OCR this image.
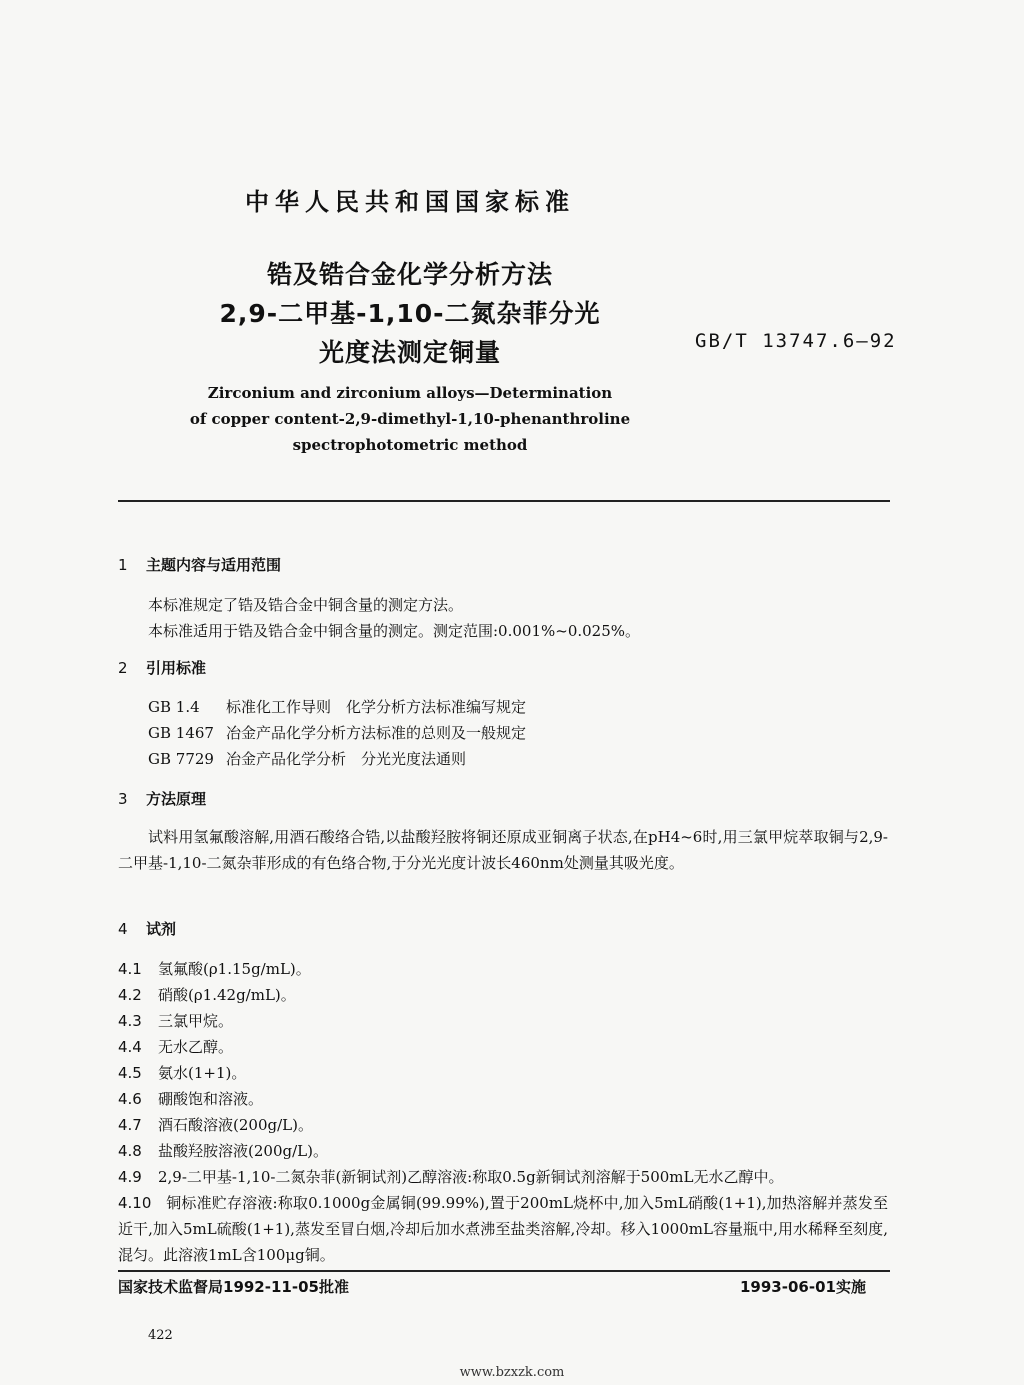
中华人民共和国国家标准
锆及锆合金化学分析方法
2,9-二甲基-1,10-二氮杂菲分光
光度法测定铜量	GB/T 13747.6—92
Zirconium and zirconium alloys—Determination
of copper content-2,9-dimethyl-1,10-phenanthroline
spectrophotometric method
1 主题内容与适用范围
本标准规定了锆及锆合金中铜含量的测定方法。
本标准适用于锆及锆合金中铜含量的测定。测定范围:0.001%~0.025%。
2 引用标准
GB 1.4 标准化工作导则　化学分析方法标准编写规定
GB 1467 冶金产品化学分析方法标准的总则及一般规定
GB 7729 冶金产品化学分析　分光光度法通则
3 方法原理
试料用氢氟酸溶解,用酒石酸络合锆,以盐酸羟胺将铜还原成亚铜离子状态,在pH4~6时,用三氯甲烷萃取铜与2,9-二甲基-1,10-二氮杂菲形成的有色络合物,于分光光度计波长460nm处测量其吸光度。
4 试剂
4.1 氢氟酸(ρ1.15g/mL)。
4.2 硝酸(ρ1.42g/mL)。
4.3 三氯甲烷。
4.4 无水乙醇。
4.5 氨水(1+1)。
4.6 硼酸饱和溶液。
4.7 酒石酸溶液(200g/L)。
4.8 盐酸羟胺溶液(200g/L)。
4.9 2,9-二甲基-1,10-二氮杂菲(新铜试剂)乙醇溶液:称取0.5g新铜试剂溶解于500mL无水乙醇中。
4.10 铜标准贮存溶液:称取0.1000g金属铜(99.99%),置于200mL烧杯中,加入5mL硝酸(1+1),加热溶解并蒸发至近干,加入5mL硫酸(1+1),蒸发至冒白烟,冷却后加水煮沸至盐类溶解,冷却。移入1000mL容量瓶中,用水稀释至刻度,混匀。此溶液1mL含100μg铜。
国家技术监督局1992-11-05批准	1993-06-01实施
422
www.bzxzk.com
